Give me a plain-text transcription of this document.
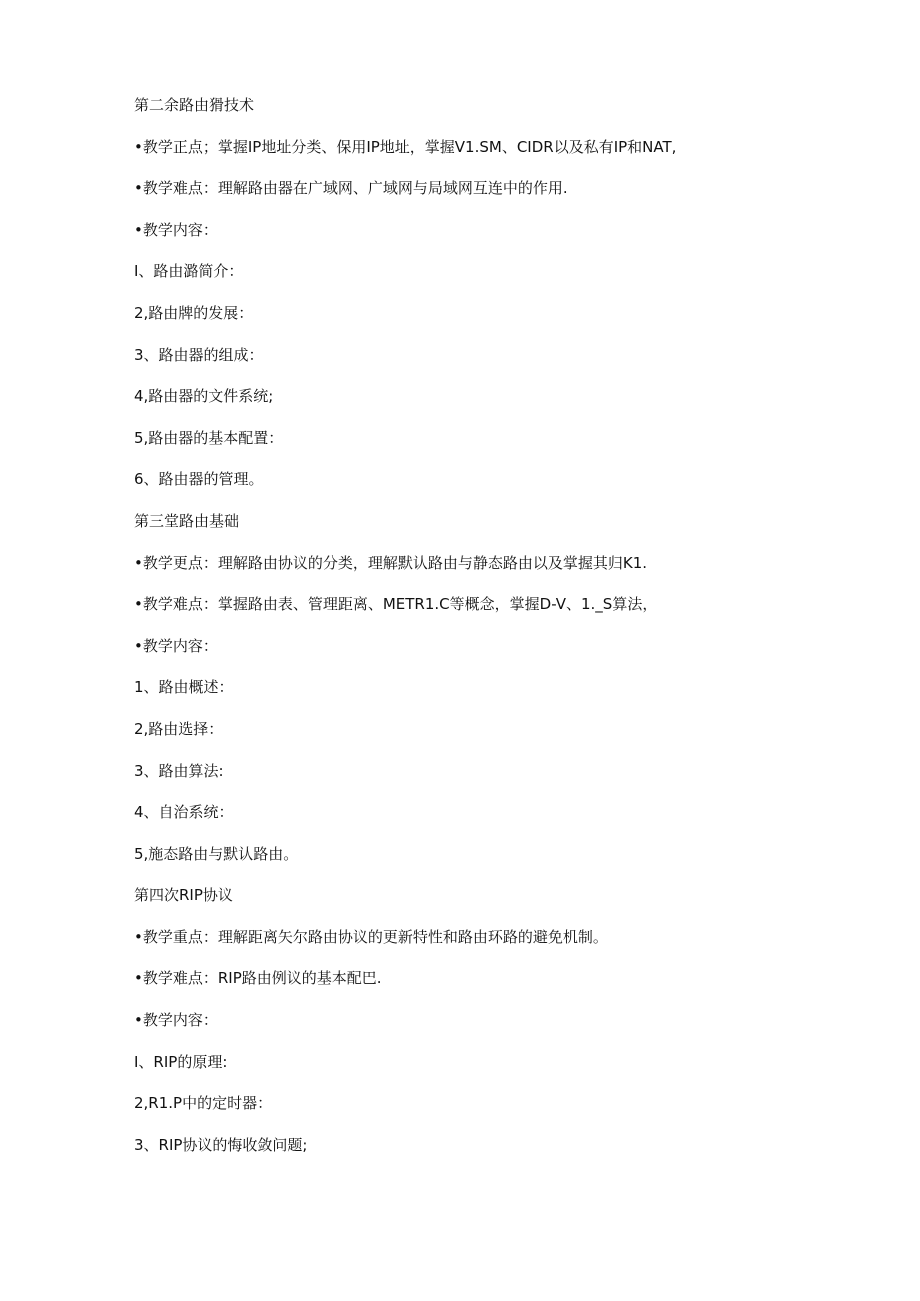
第二余路由猾技术
•教学正点；掌握IP地址分类、保用IP地址，掌握V1.SM、CIDR以及私有IP和NAT,
•教学难点：理解路由器在广域网、广域网与局域网互连中的作用.
•教学内容：
I、路由潞简介：
2,路由牌的发展：
3、路由器的组成：
4,路由器的文件系统;
5,路由器的基本配置：
6、路由器的管理。
第三堂路由基础
•教学更点：理解路由协议的分类，理解默认路由与静态路由以及掌握其归K1.
•教学难点：掌握路由表、管理距离、METR1.C等概念，掌握D-V、1._S算法，
•教学内容：
1、路由概述：
2,路由选择：
3、路由算法:
4、自治系统：
5,施态路由与默认路由。
第四次RIP协议
•教学重点：理解距离矢尔路由协议的更新特性和路由环路的避免机制。
•教学难点：RIP路由例议的基本配巴.
•教学内容：
I、RIP的原理:
2,R1.P中的定时器：
3、RIP协议的悔收敛问题;
